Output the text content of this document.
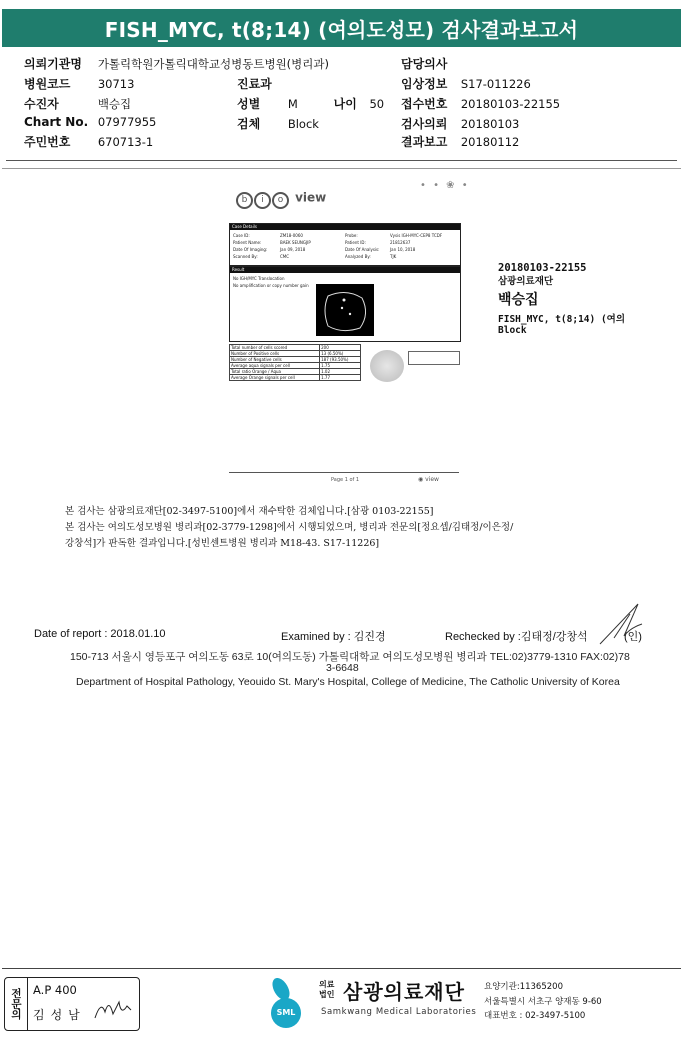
FISH_MYC, t(8;14) (여의도성모) 검사결과보고서
의뢰기관명 가톨릭학원가톨릭대학교성병동트병원(병리과)	담당의사
병원코드 30713	진료과	임상정보 S17-011226
수진자	백승집	성별 M	나이 50 접수번호 20180103-22155
Chart No. 07977955	검체 Block	검사의뢰 20180103
주민번호 670713-1	결과보고 20180112
b i o view
• • ❀ •
Case Details
Case ID:	ZM18-0060	Probe:	Vysis IGH-MYC-CEP8 TCDF
Patient Name:	BAEK SEUNGJIP	Patient ID:	21812637
Date Of Imaging:	Jan 09, 2018	Date Of Analysis:	Jan 10, 2018
Scanned By:	CMC	Analyzed By:	TJK
Result
No IGH/MYC Translocation
No amplification or copy number gain
Total number of cells scored	200
Number of Positive cells	13 (6.50%)
Number of Negative cells	187 (93.50%)
Average aqua signals per cell	1.75
Total ratio Orange / Aqua	1.02
Average Orange signals per cell	1.77
Page 1 of 1	◉ view
20180103-22155
삼광의료재단
백승집
FISH_MYC, t(8;14) (여의
Block
본 검사는 삼광의료재단[02-3497-5100]에서 재수탁한 검체입니다.[삼광 0103-22155]
본 검사는 여의도성모병원 병리과[02-3779-1298]에서 시행되었으며, 병리과 전문의[정요셉/김태정/이은정/
강창석]가 판독한 결과입니다.[성빈센트병원 병리과 M18-43. S17-11226]
Date of report : 2018.01.10	Examined by : 김진경	Rechecked by :김태정/강창석	(인)
150-713 서울시 영등포구 여의도동 63로 10(여의도동) 가톨릭대학교 여의도성모병원 병리과 TEL:02)3779-1310 FAX:02)78
3-6648
Department of Hospital Pathology, Yeouido St. Mary's Hospital, College of Medicine, The Catholic University of Korea
전문의 A.P 400
김성남	SML
의료
법인 삼광의료재단
Samkwang Medical Laboratories
요양기관:11365200
서울특별시 서초구 양재동 9-60
대표번호 : 02-3497-5100
